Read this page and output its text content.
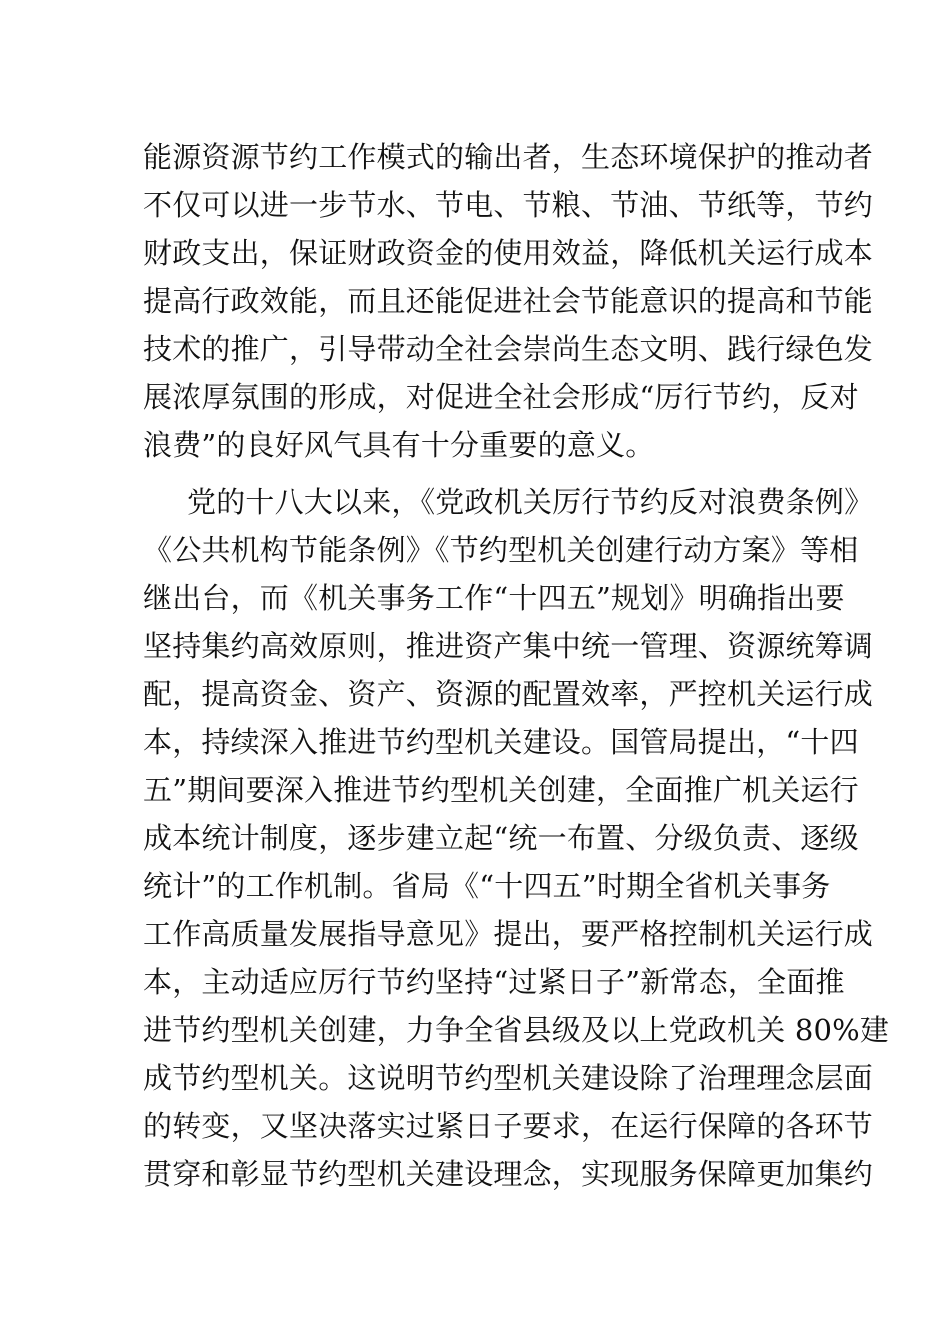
能源资源节约工作模式的输出者，生态环境保护的推动者
不仅可以进一步节水、节电、节粮、节油、节纸等，节约
财政支出，保证财政资金的使用效益，降低机关运行成本
提高行政效能，而且还能促进社会节能意识的提高和节能
技术的推广，引导带动全社会崇尚生态文明、践行绿色发
展浓厚氛围的形成，对促进全社会形成“厉行节约，反对
浪费”的良好风气具有十分重要的意义。
党的十八大以来，《党政机关厉行节约反对浪费条例》
《公共机构节能条例》《节约型机关创建行动方案》等相
继出台，而《机关事务工作“十四五”规划》明确指出要
坚持集约高效原则，推进资产集中统一管理、资源统筹调
配，提高资金、资产、资源的配置效率，严控机关运行成
本，持续深入推进节约型机关建设。国管局提出，“十四
五”期间要深入推进节约型机关创建，全面推广机关运行
成本统计制度，逐步建立起“统一布置、分级负责、逐级
统计”的工作机制。省局《“十四五”时期全省机关事务
工作高质量发展指导意见》提出，要严格控制机关运行成
本，主动适应厉行节约坚持“过紧日子”新常态，全面推
进节约型机关创建，力争全省县级及以上党政机关 80%建
成节约型机关。这说明节约型机关建设除了治理理念层面
的转变，又坚决落实过紧日子要求，在运行保障的各环节
贯穿和彰显节约型机关建设理念，实现服务保障更加集约
